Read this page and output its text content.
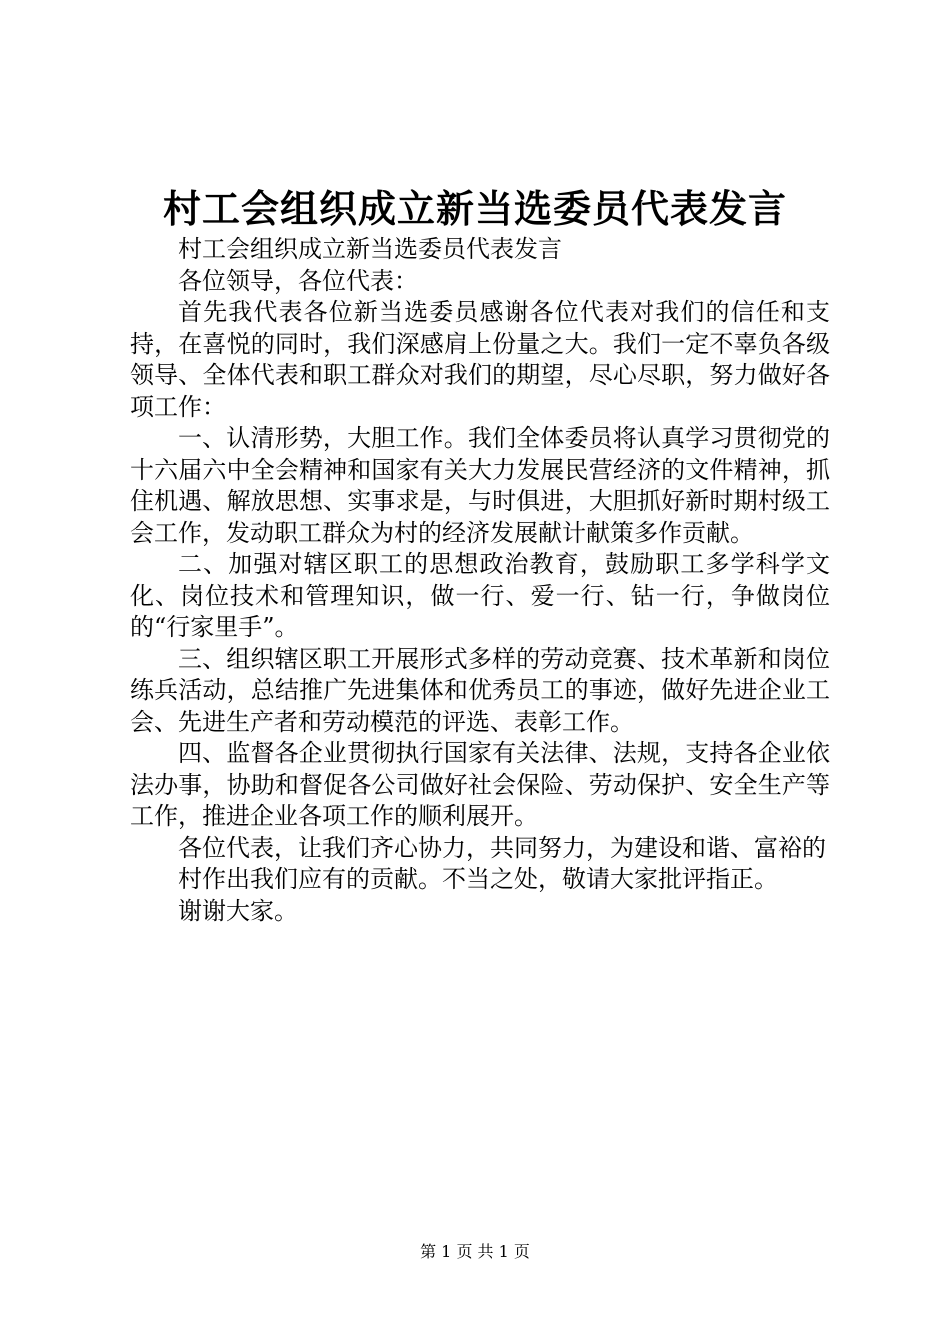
村工会组织成立新当选委员代表发言

村工会组织成立新当选委员代表发言

各位领导，各位代表：

首先我代表各位新当选委员感谢各位代表对我们的信任和支持，在喜悦的同时，我们深感肩上份量之大。我们一定不辜负各级领导、全体代表和职工群众对我们的期望，尽心尽职，努力做好各项工作：

一、认清形势，大胆工作。我们全体委员将认真学习贯彻党的十六届六中全会精神和国家有关大力发展民营经济的文件精神，抓住机遇、解放思想、实事求是，与时俱进，大胆抓好新时期村级工会工作，发动职工群众为村的经济发展献计献策多作贡献。

二、加强对辖区职工的思想政治教育，鼓励职工多学科学文化、岗位技术和管理知识，做一行、爱一行、钻一行，争做岗位的“行家里手”。

三、组织辖区职工开展形式多样的劳动竞赛、技术革新和岗位练兵活动，总结推广先进集体和优秀员工的事迹，做好先进企业工会、先进生产者和劳动模范的评选、表彰工作。

四、监督各企业贯彻执行国家有关法律、法规，支持各企业依法办事，协助和督促各公司做好社会保险、劳动保护、安全生产等工作，推进企业各项工作的顺利展开。

各位代表，让我们齐心协力，共同努力，为建设和谐、富裕的

村作出我们应有的贡献。不当之处，敬请大家批评指正。

谢谢大家。

第 1 页 共 1 页
